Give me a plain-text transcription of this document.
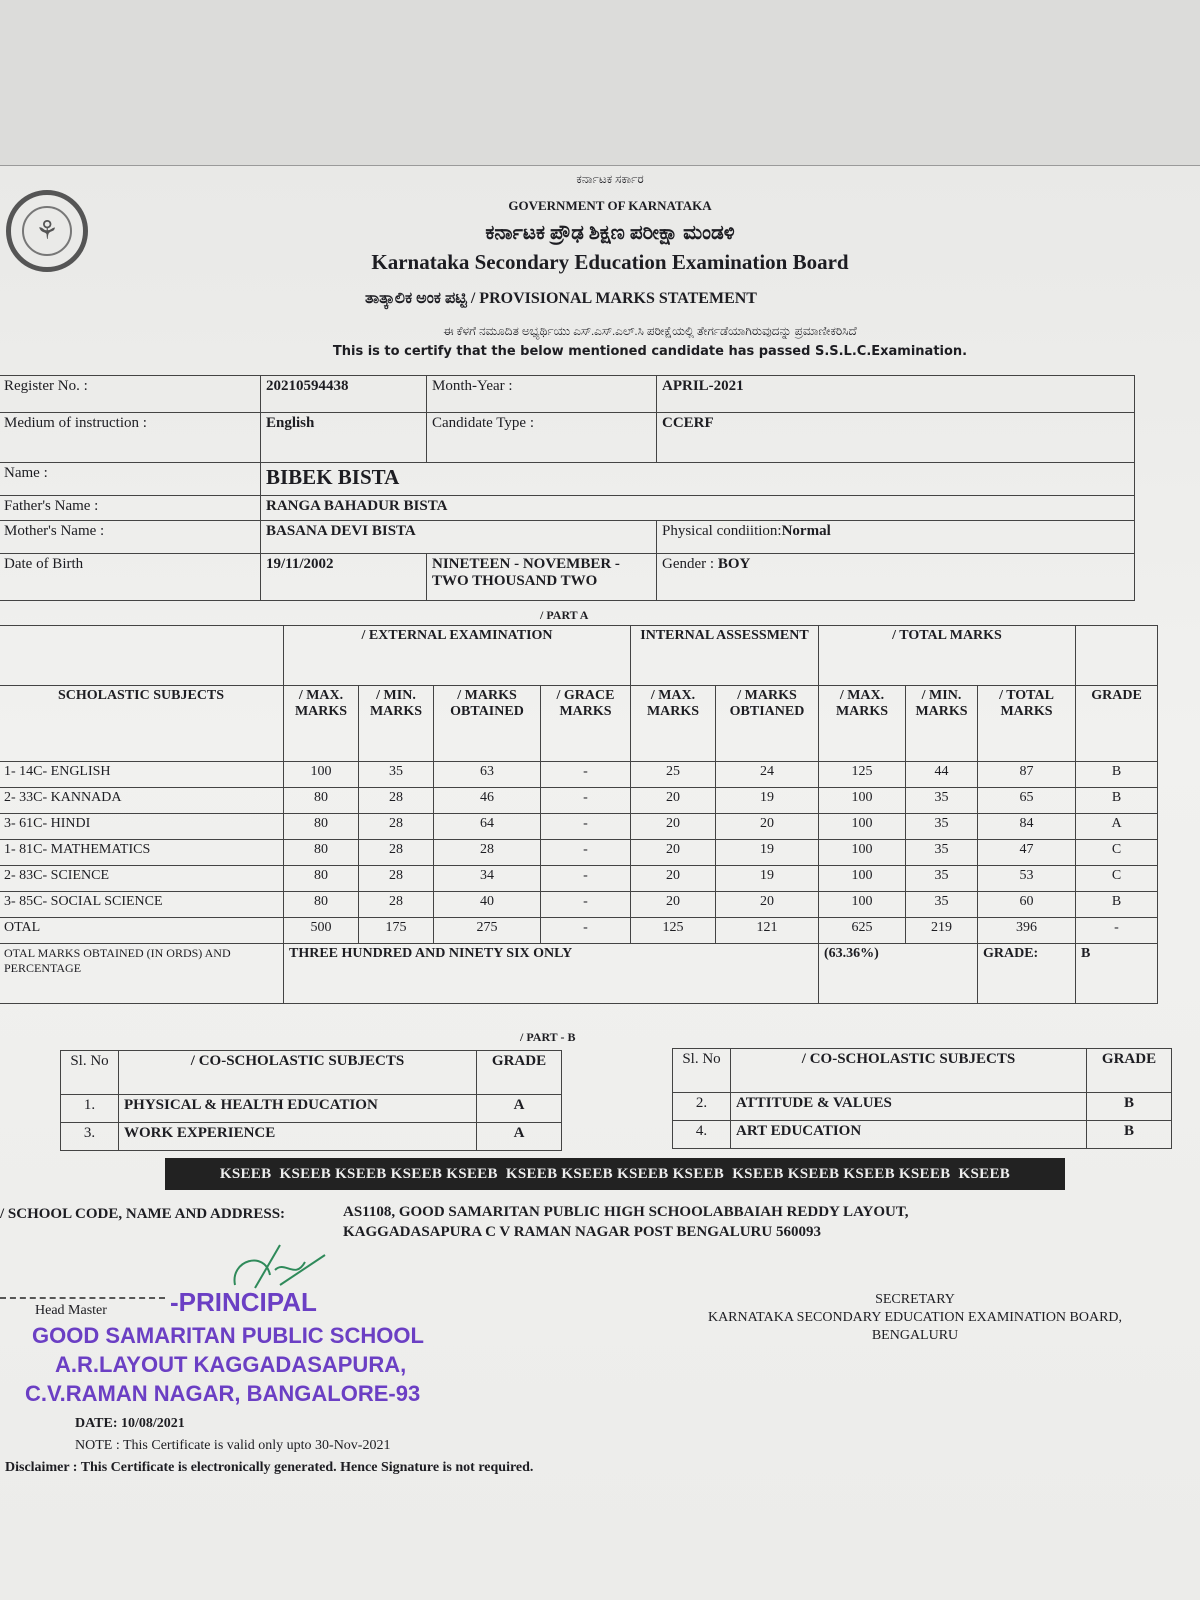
⚘
ಕರ್ನಾಟಕ ಸರ್ಕಾರ
GOVERNMENT OF KARNATAKA
ಕರ್ನಾಟಕ ಪ್ರೌಢ ಶಿಕ್ಷಣ ಪರೀಕ್ಷಾ ಮಂಡಳಿ
Karnataka Secondary Education Examination Board
ತಾತ್ಕಾಲಿಕ ಅಂಕ ಪಟ್ಟಿ / PROVISIONAL MARKS STATEMENT
ಈ ಕೆಳಗೆ ನಮೂದಿತ ಅಭ್ಯರ್ಥಿಯು ಎಸ್.ಎಸ್.ಎಲ್.ಸಿ ಪರೀಕ್ಷೆಯಲ್ಲಿ ತೇರ್ಗಡೆಯಾಗಿರುವುದನ್ನು ಪ್ರಮಾಣೀಕರಿಸಿದೆ
This is to certify that the below mentioned candidate has passed S.S.L.C.Examination.
Register No. :	20210594438	Month-Year :	APRIL-2021
Medium of instruction :	English	Candidate Type :	CCERF
Name :	BIBEK BISTA		
Father's Name :	RANGA BAHADUR BISTA		
Mother's Name :	BASANA DEVI BISTA		Physical condiition:Normal
Date of Birth	19/11/2002	NINETEEN - NOVEMBER - TWO THOUSAND TWO	Gender : BOY
/ PART A
	/ EXTERNAL EXAMINATION				INTERNAL ASSESSMENT		/ TOTAL MARKS			
SCHOLASTIC SUBJECTS	/ MAX. MARKS	/ MIN. MARKS	/ MARKS OBTAINED	/ GRACE MARKS	/ MAX. MARKS	/ MARKS OBTIANED	/ MAX. MARKS	/ MIN. MARKS	/ TOTAL MARKS	GRADE
1- 14C- ENGLISH	100	35	63	-	25	24	125	44	87	B
2- 33C- KANNADA	80	28	46	-	20	19	100	35	65	B
3- 61C- HINDI	80	28	64	-	20	20	100	35	84	A
1- 81C- MATHEMATICS	80	28	28	-	20	19	100	35	47	C
2- 83C- SCIENCE	80	28	34	-	20	19	100	35	53	C
3- 85C- SOCIAL SCIENCE	80	28	40	-	20	20	100	35	60	B
OTAL	500	175	275	-	125	121	625	219	396	-
OTAL MARKS OBTAINED (IN ORDS) AND PERCENTAGE	THREE HUNDRED AND NINETY SIX ONLY						(63.36%)		GRADE:	B
/ PART - B
Sl. No	/ CO-SCHOLASTIC SUBJECTS	GRADE
1.	PHYSICAL & HEALTH EDUCATION	A
3.	WORK EXPERIENCE	A
Sl. No	/ CO-SCHOLASTIC SUBJECTS	GRADE
2.	ATTITUDE & VALUES	B
4.	ART EDUCATION	B
KSEEB  KSEEB KSEEB KSEEB KSEEB  KSEEB KSEEB KSEEB KSEEB  KSEEB KSEEB KSEEB KSEEB  KSEEB
/ SCHOOL CODE, NAME AND ADDRESS:	AS1108, GOOD SAMARITAN PUBLIC HIGH SCHOOLABBAIAH REDDY LAYOUT,
KAGGADASAPURA C V RAMAN NAGAR POST BENGALURU 560093
Head Master -PRINCIPAL
GOOD SAMARITAN PUBLIC SCHOOL
A.R.LAYOUT KAGGADASAPURA,
C.V.RAMAN NAGAR, BANGALORE-93
DATE: 10/08/2021
NOTE : This Certificate is valid only upto 30-Nov-2021
Disclaimer : This Certificate is electronically generated. Hence Signature is not required.
SECRETARY
KARNATAKA SECONDARY EDUCATION EXAMINATION BOARD,
BENGALURU
